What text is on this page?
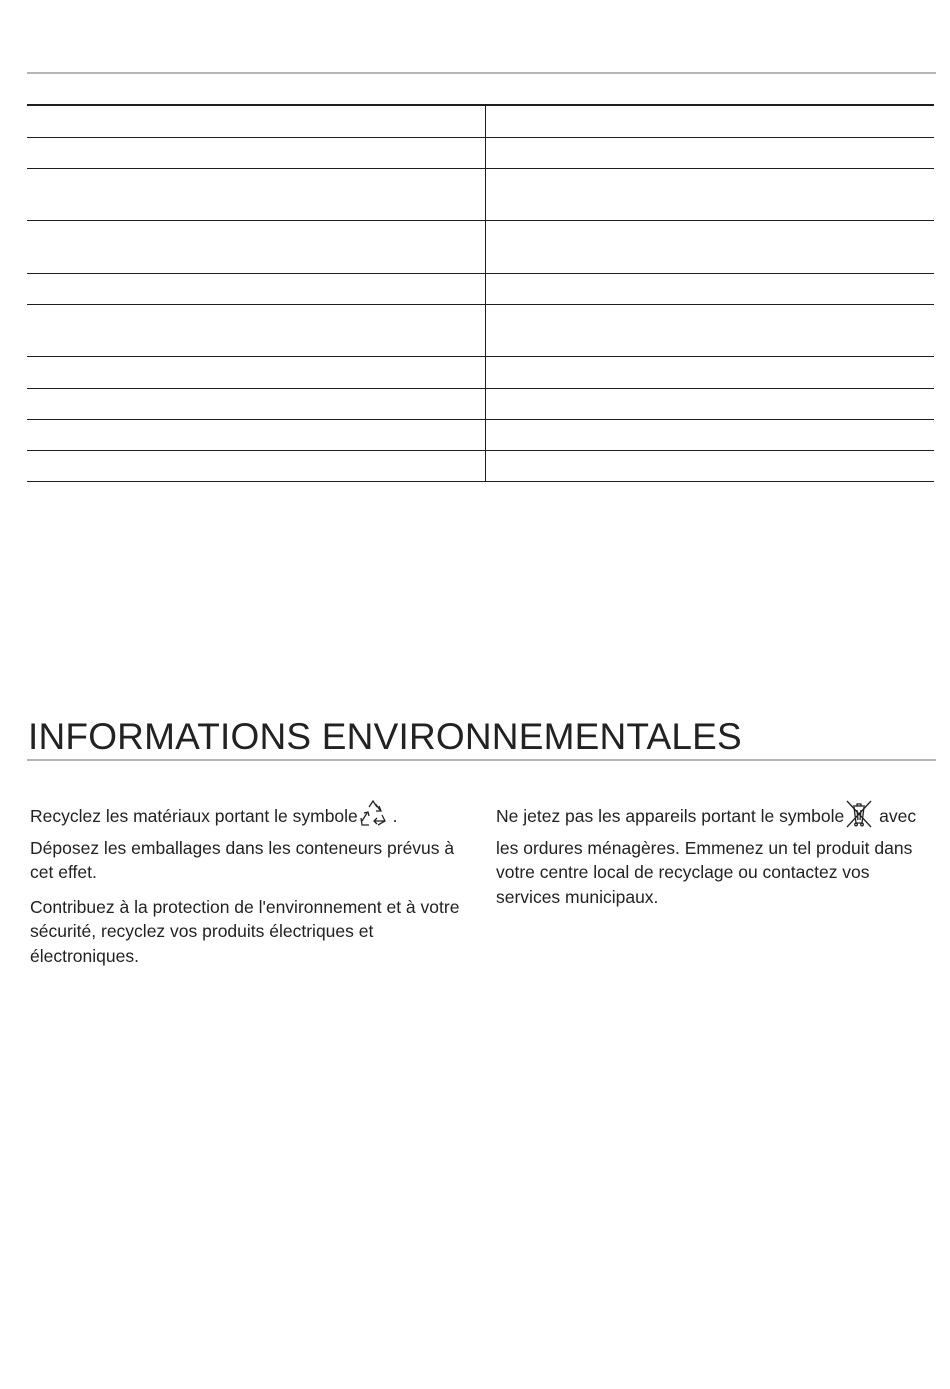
INFORMATIONS ENVIRONNEMENTALES

Recyclez les matériaux portant le symbole . Déposez les emballages dans les conteneurs prévus à cet effet.

Contribuez à la protection de l'environnement et à votre sécurité, recyclez vos produits électriques et électroniques.

Ne jetez pas les appareils portant le symbole avec les ordures ménagères. Emmenez un tel produit dans votre centre local de recyclage ou contactez vos services municipaux.
